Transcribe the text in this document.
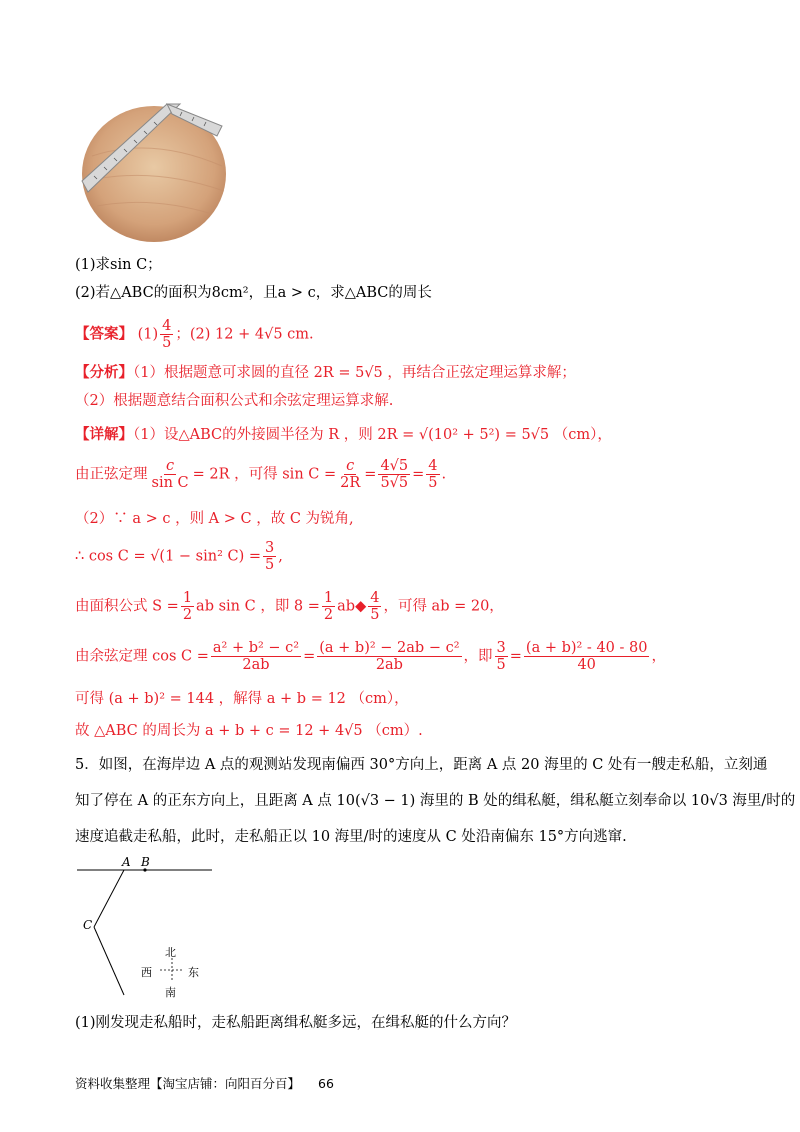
(1)求sin C；
(2)若△ABC的面积为8cm²，且a > c，求△ABC的周长
【答案】 $(1) \frac{4}{5}$ ；(2) 12 + 4√5 cm.
【分析】（1）根据题意可求圆的直径 2R = 5√5 ，再结合正弦定理运算求解；
（2）根据题意结合面积公式和余弦定理运算求解.
【详解】（1）设△ABC的外接圆半径为 R ，则 2R = √(10² + 5²) = 5√5 （cm），
由正弦定理 $\frac{c}{\text{sin C}} = 2R$ ，可得 $\sin C = \frac{c}{2R} = \frac{4√5}{5√5} = \frac{4}{5}$ .
（2）∵ a > c ，则 A > C ，故 C 为锐角,
∴ cos C = √(1 − sin² $C) = \frac{3}{5}$ ,
由面积公式 $S = \frac{1}{2}$ ab sin C ，即 $8 = \frac{1}{2}$ ab◆ $\frac{4}{5}$ ，可得 ab = 20，
由余弦定理 $\cos C = \frac{\text{a² + b² − c²}}{2ab} = \frac{\text{(a + b)² − 2ab − c²}}{2ab}$ ，即 $\frac{3}{5} = \frac{\text{(a + b)² - 40 - 80}}{40}$ ，
可得 (a + b)² = 144 ，解得 a + b = 12 （cm），
故 △ABC 的周长为 a + b + c = 12 + 4√5 （cm）.
5．如图，在海岸边 A 点的观测站发现南偏西 30°方向上，距离 A 点 20 海里的 C 处有一艘走私船，立刻通
知了停在 A 的正东方向上，且距离 A 点 10(√3 − 1) 海里的 B 处的缉私艇，缉私艇立刻奉命以 10√3 海里/时的
速度追截走私船，此时，走私船正以 10 海里/时的速度从 C 处沿南偏东 15°方向逃窜.
A B
C
北
南
西	东
(1)刚发现走私船时，走私船距离缉私艇多远，在缉私艇的什么方向？
资料收集整理【淘宝店铺：向阳百分百】 66
